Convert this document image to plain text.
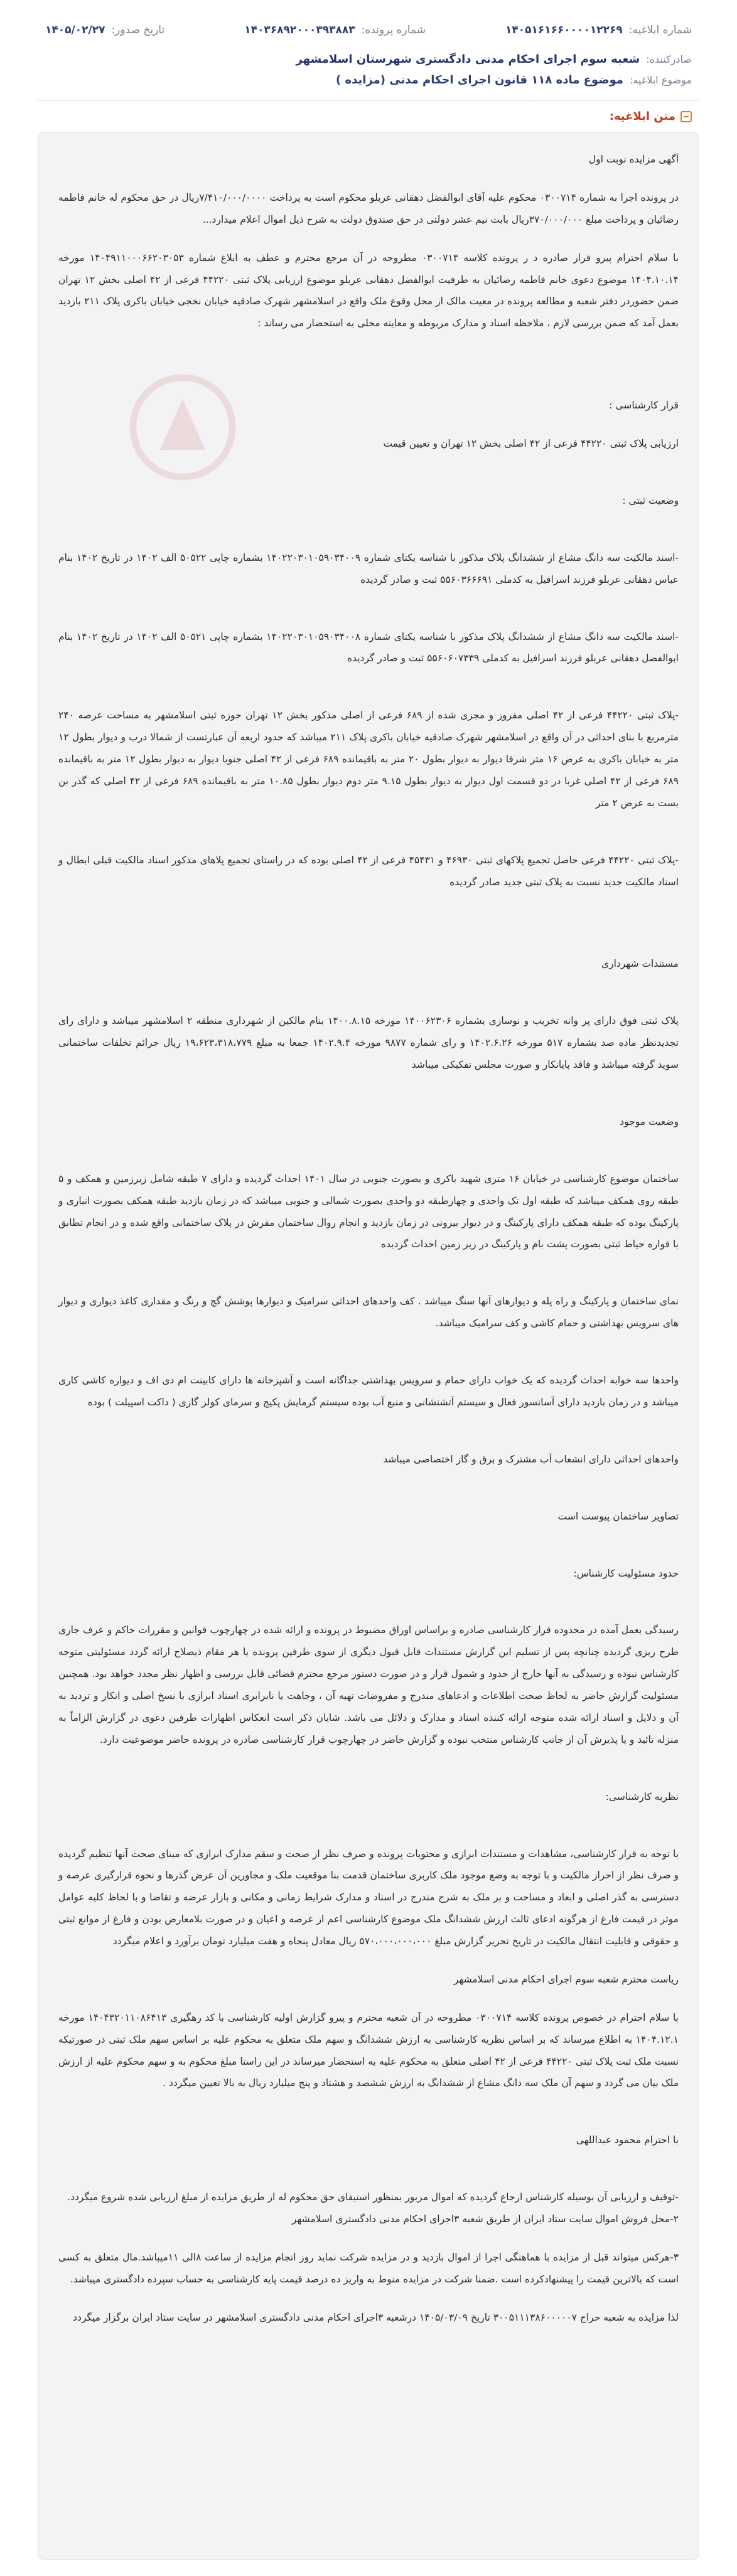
شماره ابلاغیه:
۱۴۰۵۱۶۱۶۶۰۰۰۰۱۲۲۶۹
شماره پرونده:
۱۴۰۳۶۸۹۲۰۰۰۳۹۳۸۸۳
تاریخ صدور:
۱۴۰۵/۰۲/۲۷
صادرکننده:
شعبه سوم اجرای احکام مدنی دادگستری شهرستان اسلامشهر
موضوع ابلاغیه:
موضوع ماده ۱۱۸ قانون اجرای احکام مدنی (مزایده )
متن ابلاغیه:

آگهی مزایده نوبت اول

در پرونده اجرا به شماره ۰۳۰۰۷۱۴ محکوم علیه آقای ابوالفضل دهقانی عربلو محکوم است به پرداخت ۷/۴۱۰/۰۰۰/۰۰۰۰ریال در حق محکوم له خانم فاطمه رضائیان و پرداخت مبلغ ۳۷۰/۰۰۰/۰۰۰ریال بابت نیم عشر دولتی در حق صندوق دولت به شرح ذیل اموال اعلام میدارد...

با سلام احترام پیرو قرار صادره د ر پرونده کلاسه ۰۳۰۰۷۱۴ مطروحه در آن مرجع محترم و عطف به ابلاغ شماره ۱۴۰۴۹۱۱۰۰۰۶۶۲۰۳۰۵۳ مورخه ۱۴۰۴.۱۰.۱۴ موضوع دعوی خانم فاطمه رضائیان به طرفیت ابوالفضل دهقانی عربلو موضوع ارزیابی پلاک ثبتی ۴۴۲۲۰ فرعی از ۴۲ اصلی بخش ۱۲ تهران ضمن حضوردر دفتر شعبه و مطالعه پرونده در معیت مالک از محل وقوع ملک واقع در اسلامشهر شهرک صادقیه خیابان نخجی خیابان باکری پلاک ۲۱۱ بازدید بعمل آمد که ضمن بررسی لازم ، ملاحظه اسناد و مدارک مربوطه و معاینه محلی به استحضار می رساند :

قرار کارشناسی :

ارزیابی پلاک ثبتی ۴۴۲۲۰ فرعی از ۴۲ اصلی بخش ۱۲ تهران و تعیین قیمت

وضعیت ثبتی :

-اسند مالکیت سه دانگ مشاع از ششدانگ پلاک مذکور با شناسه یکتای شماره ۱۴۰۲۲۰۳۰۱۰۵۹۰۳۴۰۰۹ بشماره چاپی ۵۰۵۲۲ الف ۱۴۰۲ در تاریخ ۱۴۰۲ بنام عباس دهقانی عربلو فرزند اسرافیل به کدملی ۵۵۶۰۳۶۶۶۹۱ ثبت و صادر گردیده

-اسند مالکیت سه دانگ مشاع از ششدانگ پلاک مذکور با شناسه یکتای شماره ۱۴۰۲۲۰۳۰۱۰۵۹۰۳۴۰۰۸ بشماره چاپی ۵۰۵۲۱ الف ۱۴۰۲ در تاریخ ۱۴۰۲ بنام ابوالفضل دهقانی عربلو فرزند اسرافیل به کدملی ۵۵۶۰۶۰۷۳۳۹ ثبت و صادر گردیده

-پلاک ثبتی ۴۴۲۲۰ فرعی از ۴۲ اصلی مفروز و مجزی شده از ۶۸۹ فرعی از اصلی مذکور بخش ۱۲ تهران حوزه ثبتی اسلامشهر به مساحت عرصه ۲۴۰ مترمربع با بنای احداثی در آن واقع در اسلامشهر شهرک صادقیه خیابان باکری پلاک ۲۱۱ میباشد که حدود اربعه آن عبارتست از شمالا درب و دیوار بطول ۱۲ متر به خیابان باکری به عرض ۱۶ متر شرقا دیوار به دیوار بطول ۲۰ متر به باقیمانده ۶۸۹ فرعی از ۴۲ اصلی جنوبا دیوار به دیوار بطول ۱۲ متر به باقیمانده ۶۸۹ فرعی از ۴۲ اصلی غربا در دو قسمت اول دیوار به دیوار بطول ۹.۱۵ متر دوم دیوار بطول ۱۰.۸۵ متر به باقیمانده ۶۸۹ فرعی از ۴۲ اصلی که گذر بن بست به عرض ۲ متر

-پلاک ثبتی ۴۴۲۲۰ فرعی حاصل تجمیع پلاکهای ثبتی ۴۶۹۳۰ و ۴۵۴۳۱ فرعی از ۴۲ اصلی بوده که در راستای تجمیع پلاهای مذکور اسناد مالکیت قبلی ابطال و اسناد مالکیت جدید نسبت به پلاک ثبتی جدید صادر گردیده

مستندات شهرداری

پلاک ثبتی فوق دارای پر وانه تخریب و نوسازی بشماره ۱۴۰۰۶۲۳۰۶ مورخه ۱۴۰۰.۸.۱۵ بنام مالکین از شهرداری منطقه ۲ اسلامشهر میباشد و دارای رای تجدیدنظر ماده صد بشماره ۵۱۷ مورخه ۱۴۰۲.۶.۲۶ و رای شماره ۹۸۷۷ مورخه ۱۴۰۲.۹.۴ جمعا به مبلغ ۱۹،۶۲۳،۳۱۸،۷۷۹ ریال جرائم تخلفات ساختمانی سوید گرفته میباشد و فاقد پایانکار و صورت مجلس تفکیکی میباشد

وضعیت موجود

ساختمان موضوع کارشناسی در خیابان ۱۶ متری شهید باکری و بصورت جنوبی در سال ۱۴۰۱ احداث گردیده و دارای ۷ طبقه شامل زیرزمین و همکف و ۵ طبقه روی همکف میباشد که طبقه اول تک واحدی و چهارطبقه دو واحدی بصورت شمالی و جنوبی میباشد که در زمان بازدید طبقه همکف بصورت انباری و پارکینگ بوده که طبقه همکف دارای پارکینگ و در دیوار بیرونی در زمان بازدید و انجام روال ساختمان مفرش در پلاک ساختمانی واقع شده و در انجام تطابق با قواره حیاط ثبتی بصورت پشت بام و پارکینگ در زیر زمین احداث گردیده

نمای ساختمان و پارکینگ و راه پله و دیوارهای آنها سنگ میباشد . کف واحدهای احداثی سرامیک و دیوارها پوشش گچ و رنگ و مقداری کاغذ دیواری و دیوار های سرویس بهداشتی و حمام کاشی و کف سرامیک میباشد.

واحدها سه خوابه احداث گردیده که یک خواب دارای حمام و سرویس بهداشتی جداگانه است و آشپزخانه ها دارای کابینت ام دی اف و دیواره کاشی کاری میباشد و در زمان بازدید دارای آسانسور فعال و سیستم آتشنشانی و منبع آب بوده سیستم گرمایش پکیج و سرمای کولر گازی ( داکت اسپیلت ) بوده

واحدهای احداثی دارای انشعاب آب مشترک و برق و گاز اختصاصی میباشد

تصاویر ساختمان پیوست است

حدود مسئولیت کارشناس:

رسیدگی بعمل آمده در محدوده قرار کارشناسی صادره و براساس اوراق مضبوط در پرونده و ارائه شده در چهارچوب قوانین و مقررات حاکم و عرف جاری طرح ریزی گردیده چنانچه پس از تسلیم این گزارش مستندات قابل قبول دیگری از سوی طرفین پرونده یا هر مقام ذیصلاح ارائه گردد مسئولیتی متوجه کارشناس نبوده و رسیدگی به آنها خارج از حدود و شمول قرار و در صورت دستور مرجع محترم قضائی قابل بررسی و اظهار نظر مجدد خواهد بود. همچنین مسئولیت گزارش حاضر به لحاظ صحت اطلاعات و ادعاهای مندرج و مفروضات تهیه آن ، وجاهت یا نابرابری اسناد ابرازی با نسخ اصلی و انکار و تردید به آن و دلایل و اسناد ارائه شده متوجه ارائه کننده اسناد و مدارک و دلائل می باشد. شایان ذکر است انعکاس اظهارات طرفین دعوی در گزارش الزاماً به منزله تائید و یا پذیرش آن از جانب کارشناس منتخب نبوده و گزارش حاضر در چهارچوب قرار کارشناسی صادره در پرونده حاضر موضوعیت دارد.

نظریه کارشناسی:

با توجه به قرار کارشناسی، مشاهدات و مستندات ابرازی و محتویات پرونده و صرف نظر از صحت و سقم مدارک ابرازی که مبنای صحت آنها تنظیم گردیده و صرف نظر از احراز مالکیت و با توجه به وضع موجود ملک کاربری ساختمان قدمت بنا موقعیت ملک و مجاورین آن عرض گذرها و نحوه قرارگیری عرصه و دسترسی به گذر اصلی و ابعاد و مساحت و بر ملک به شرح مندرج در اسناد و مدارک شرایط زمانی و مکانی و بازار عرضه و تقاضا و با لحاظ کلیه عوامل موثر در قیمت فارغ از هرگونه ادعای ثالث ارزش ششدانگ ملک موضوع کارشناسی اعم از عرصه و اعیان و در صورت بلامعارض بودن و فارغ از موانع ثبتی و حقوقی و قابلیت انتقال مالکیت در تاریخ تحریر گزارش مبلغ ۵۷۰،۰۰۰،۰۰۰،۰۰۰ ریال معادل پنجاه و هفت میلیارد تومان برآورد و اعلام میگردد

ریاست محترم شعبه سوم اجرای احکام مدنی اسلامشهر

با سلام احترام در خصوص پرونده کلاسه ۰۳۰۰۷۱۴ مطروحه در آن شعبه محترم و پیرو گزارش اولیه کارشناسی با کد رهگیری ۱۴۰۴۳۲۰۱۱۰۸۶۴۱۳ مورخه ۱۴۰۴.۱۲.۱ به اطلاع میرساند که بر اساس نظریه کارشناسی به ارزش ششدانگ و سهم ملک متعلق به محکوم علیه بر اساس سهم ملک ثبتی در صورتیکه نسبت ملک ثبت پلاک ثبتی ۴۴۲۲۰ فرعی از ۴۲ اصلی متعلق به محکوم علیه به استحضار میرساند در این راستا مبلغ محکوم به و سهم محکوم علیه از ارزش ملک بیان می گردد و سهم آن ملک سه دانگ مشاع از ششدانگ به ارزش ششصد و هشتاد و پنج میلیارد ریال به بالا تعیین میگردد .

با احترام محمود عبداللهی

-توقیف و ارزیابی آن بوسیله کارشناس ارجاع گردیده که اموال مزبور بمنظور استیفای حق محکوم له از طریق مزایده از مبلغ ارزیابی شده شروع میگردد.

۲-محل فروش اموال سایت ستاد ایران از طریق شعبه ۳اجرای احکام مدنی دادگستری اسلامشهر

۳-هرکس میتواند قبل از مزایده با هماهنگی اجرا از اموال بازدید و در مزایده شرکت نماید روز انجام مزایده از ساعت ۸الی ۱۱میباشد.مال متعلق به کسی است که بالاترین قیمت را پیشنهادکرده است .ضمنا شرکت در مزایده منوط به واریز ده درصد قیمت پایه کارشناسی به حساب سپرده دادگستری میباشد.

لذا مزایده به شعبه حراج ۳۰۰۵۱۱۱۳۸۶۰۰۰۰۰۷ تاریخ ۱۴۰۵/۰۳/۰۹ درشعبه ۳اجرای احکام مدنی دادگستری اسلامشهر در سایت ستاد ایران برگزار میگردد
